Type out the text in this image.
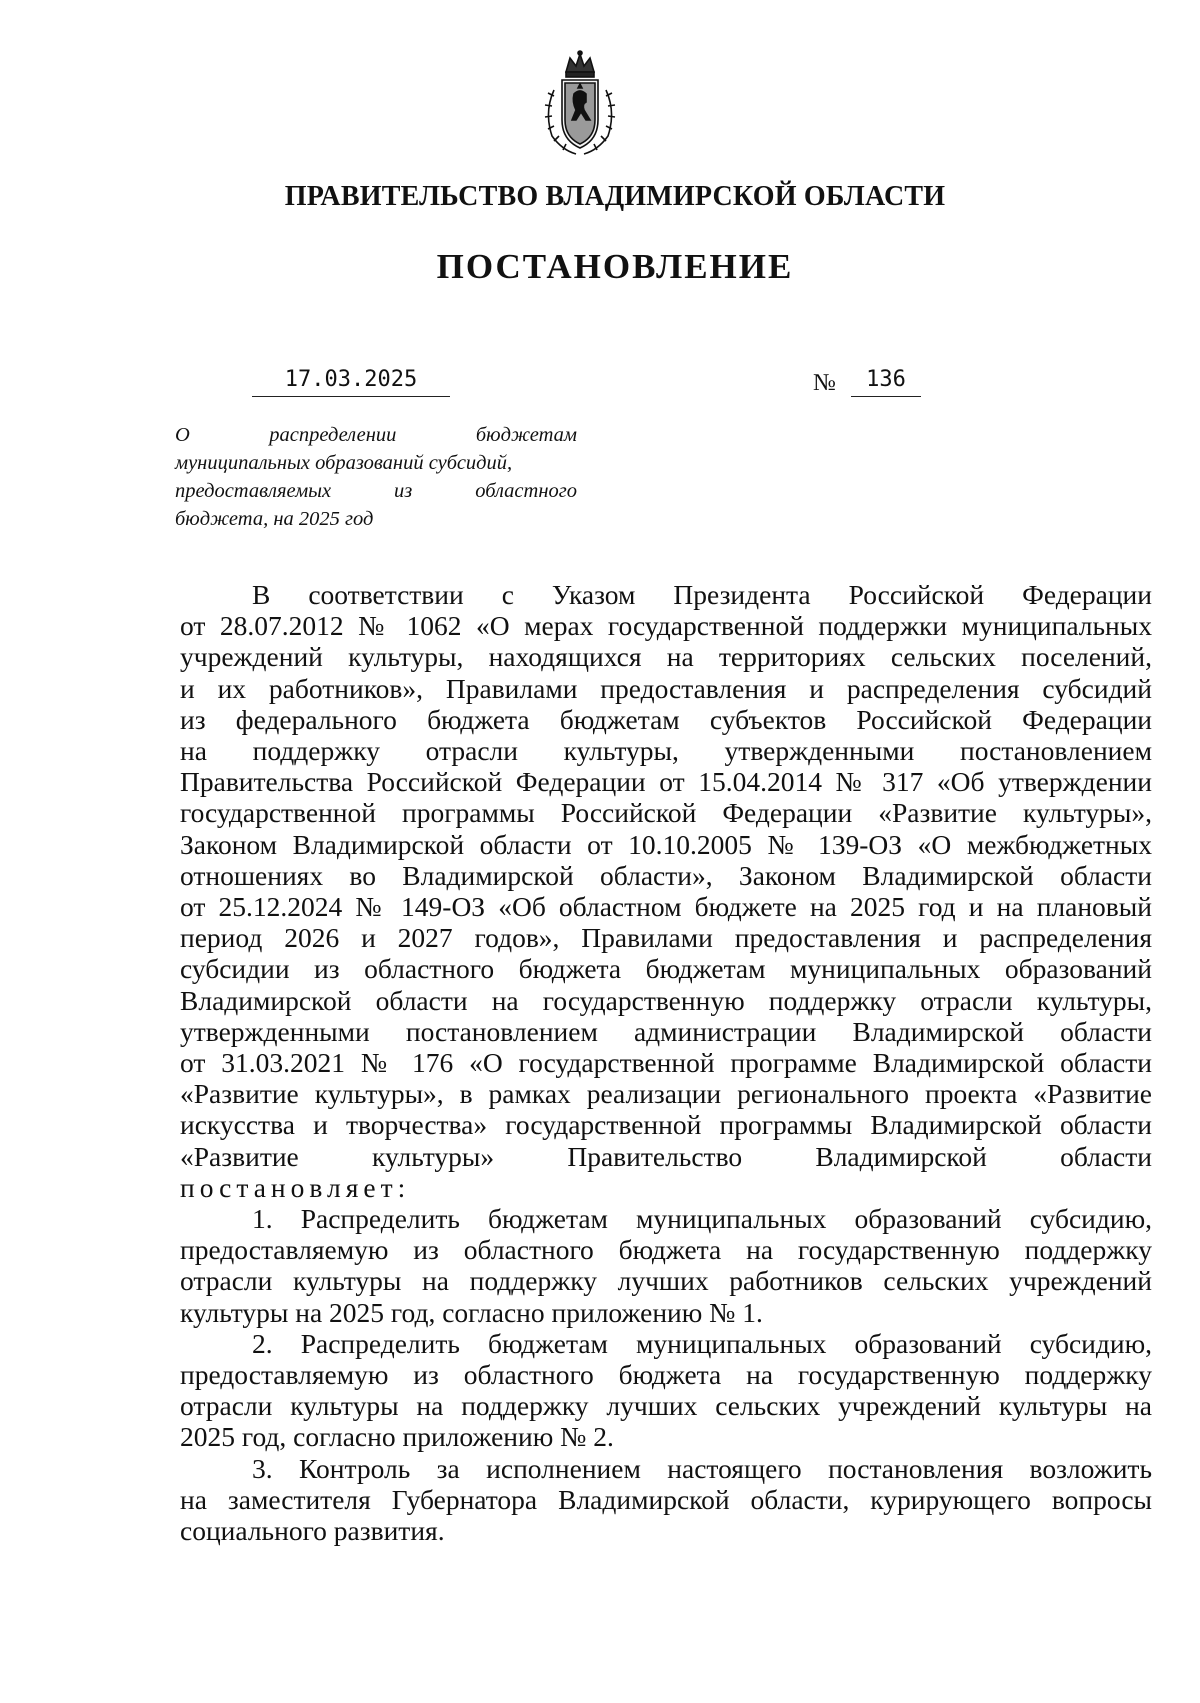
ПРАВИТЕЛЬСТВО ВЛАДИМИРСКОЙ ОБЛАСТИ
ПОСТАНОВЛЕНИЕ
17.03.2025	№	136
О распределении бюджетам
муниципальных образований субсидий,
предоставляемых из областного
бюджета, на 2025 год
В соответствии с Указом Президента Российской Федерации
от 28.07.2012 № 1062 «О мерах государственной поддержки муниципальных
учреждений культуры, находящихся на территориях сельских поселений,
и их работников», Правилами предоставления и распределения субсидий
из федерального бюджета бюджетам субъектов Российской Федерации
на поддержку отрасли культуры, утвержденными постановлением
Правительства Российской Федерации от 15.04.2014 № 317 «Об утверждении
государственной программы Российской Федерации «Развитие культуры»,
Законом Владимирской области от 10.10.2005 № 139-ОЗ «О межбюджетных
отношениях во Владимирской области», Законом Владимирской области
от 25.12.2024 № 149-ОЗ «Об областном бюджете на 2025 год и на плановый
период 2026 и 2027 годов», Правилами предоставления и распределения
субсидии из областного бюджета бюджетам муниципальных образований
Владимирской области на государственную поддержку отрасли культуры,
утвержденными постановлением администрации Владимирской области
от 31.03.2021 № 176 «О государственной программе Владимирской области
«Развитие культуры», в рамках реализации регионального проекта «Развитие
искусства и творчества» государственной программы Владимирской области
«Развитие культуры» Правительство Владимирской области
постановляет:
1. Распределить бюджетам муниципальных образований субсидию,
предоставляемую из областного бюджета на государственную поддержку
отрасли культуры на поддержку лучших работников сельских учреждений
культуры на 2025 год, согласно приложению № 1.
2. Распределить бюджетам муниципальных образований субсидию,
предоставляемую из областного бюджета на государственную поддержку
отрасли культуры на поддержку лучших сельских учреждений культуры на
2025 год, согласно приложению № 2.
3. Контроль за исполнением настоящего постановления возложить
на заместителя Губернатора Владимирской области, курирующего вопросы
социального развития.
